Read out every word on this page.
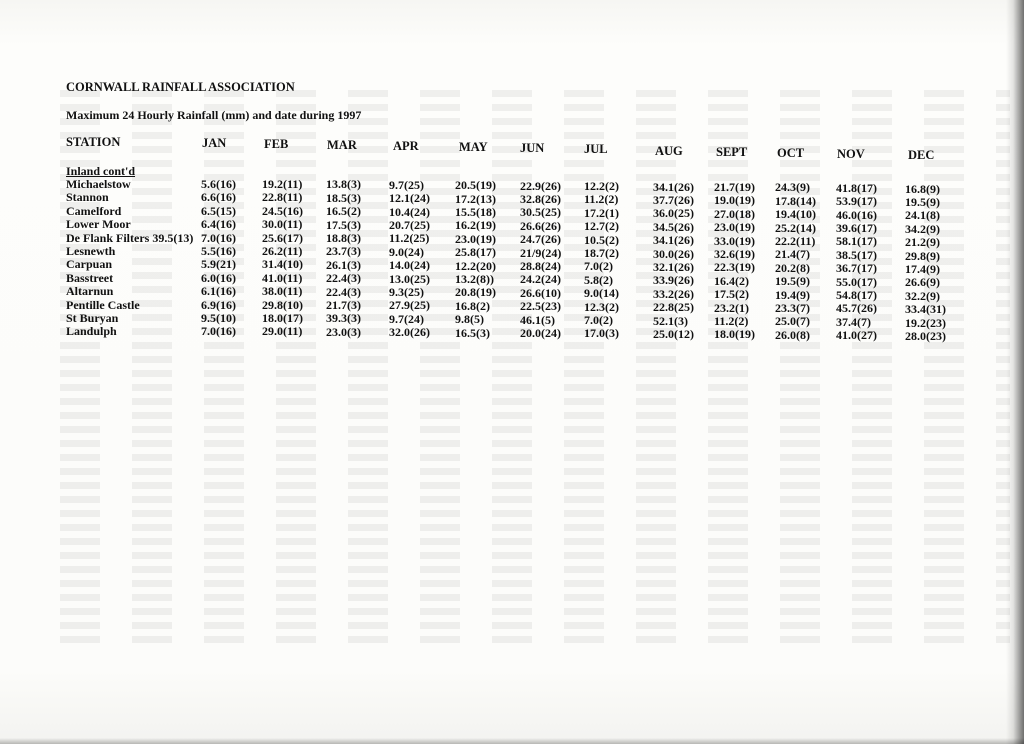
CORNWALL RAINFALL ASSOCIATION
Maximum 24 Hourly Rainfall (mm) and date during 1997
STATION	JAN	FEB	MAR	APR	MAY	JUN	JUL	AUG	SEPT OCT	NOV	DEC
Inland cont'd
Michaelstow	5.6(16) 19.2(11) 13.8(3) 9.7(25)	20.5(19) 22.9(26) 12.2(2)	34.1(26) 21.7(19) 24.3(9) 41.8(17) 16.8(9)
Stannon	6.6(16) 22.8(11) 18.5(3) 12.1(24) 17.2(13) 32.8(26) 11.2(2)	37.7(26) 19.0(19) 17.8(14) 53.9(17) 19.5(9)
Camelford	6.5(15) 24.5(16) 16.5(2) 10.4(24) 15.5(18) 30.5(25) 17.2(1)	36.0(25) 27.0(18) 19.4(10) 46.0(16) 24.1(8)
Lower Moor	6.4(16) 30.0(11) 17.5(3) 20.7(25) 16.2(19) 26.6(26) 12.7(2)	34.5(26) 23.0(19) 25.2(14) 39.6(17) 34.2(9)
De Flank Filters 39.5(13) 7.0(16) 25.6(17) 18.8(3) 11.2(25) 23.0(19) 24.7(26) 10.5(2)	34.1(26) 33.0(19) 22.2(11) 58.1(17) 21.2(9)
Lesnewth	5.5(16) 26.2(11) 23.7(3) 9.0(24)	25.8(17) 21/9(24) 18.7(2)	30.0(26) 32.6(19) 21.4(7) 38.5(17) 29.8(9)
Carpuan	5.9(21) 31.4(10) 26.1(3) 14.0(24) 12.2(20) 28.8(24) 7.0(2)	32.1(26) 22.3(19) 20.2(8) 36.7(17) 17.4(9)
Basstreet	6.0(16) 41.0(11) 22.4(3) 13.0(25) 13.2(8)) 24.2(24) 5.8(2)	33.9(26) 16.4(2) 19.5(9) 55.0(17) 26.6(9)
Altarnun	6.1(16) 38.0(11) 22.4(3) 9.3(25)	20.8(19) 26.6(10) 9.0(14)	33.2(26) 17.5(2) 19.4(9) 54.8(17) 32.2(9)
Pentille Castle	6.9(16) 29.8(10) 21.7(3) 27.9(25) 16.8(2)	22.5(23) 12.3(2)	22.8(25) 23.2(1) 23.3(7) 45.7(26) 33.4(31)
St Buryan	9.5(10) 18.0(17) 39.3(3) 9.7(24)	9.8(5)	46.1(5) 7.0(2)	52.1(3) 11.2(2) 25.0(7) 37.4(7)	19.2(23)
Landulph	7.0(16) 29.0(11) 23.0(3) 32.0(26) 16.5(3)	20.0(24) 17.0(3)	25.0(12) 18.0(19) 26.0(8) 41.0(27) 28.0(23)
